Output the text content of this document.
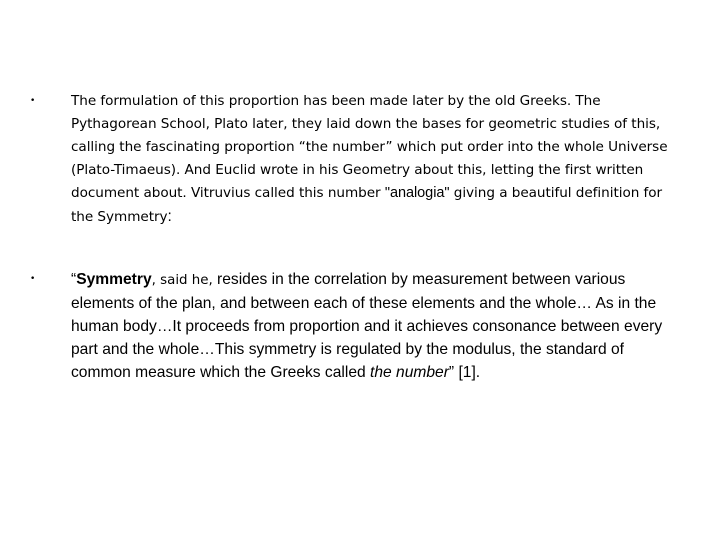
•	The formulation of this proportion has been made later by the old Greeks. The Pythagorean School, Plato later, they laid down the bases for geometric studies of this, calling the fascinating proportion “the number” which put order into the whole Universe (Plato-Timaeus). And Euclid wrote in his Geometry about this, letting the first written document about. Vitruvius called this number "analogia" giving a beautiful definition for the Symmetry:
•	“Symmetry, said he, resides in the correlation by measurement between various elements of the plan, and between each of these elements and the whole… As in the human body…It proceeds from proportion and it achieves consonance between every part and the whole…This symmetry is regulated by the modulus, the standard of common measure which the Greeks called the number” [1].
